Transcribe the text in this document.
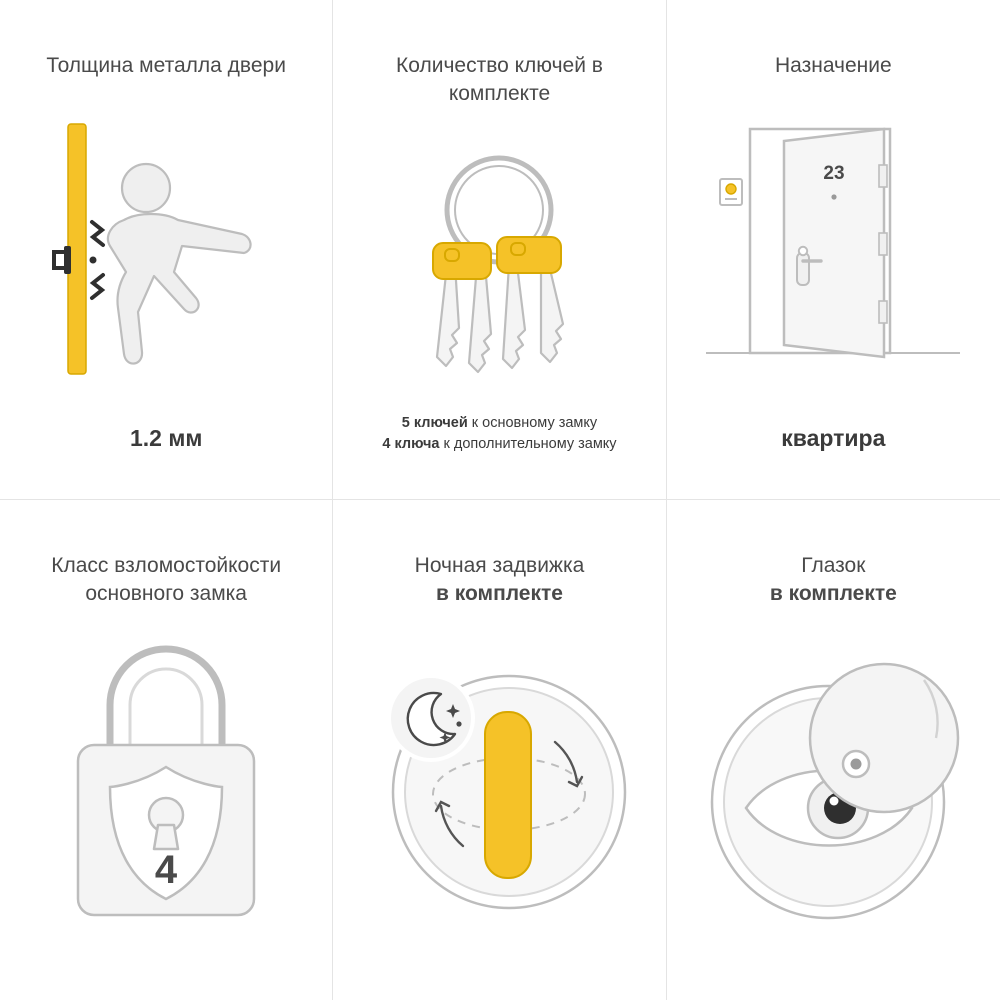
Толщина металла двери
1.2 мм
Количество ключей в комплекте
5 ключей к основному замку
4 ключа к дополнительному замку
Назначение
23
квартира
Класс взломостойкости основного замка
4
Ночная задвижка
в комплекте
Глазок
в комплекте
